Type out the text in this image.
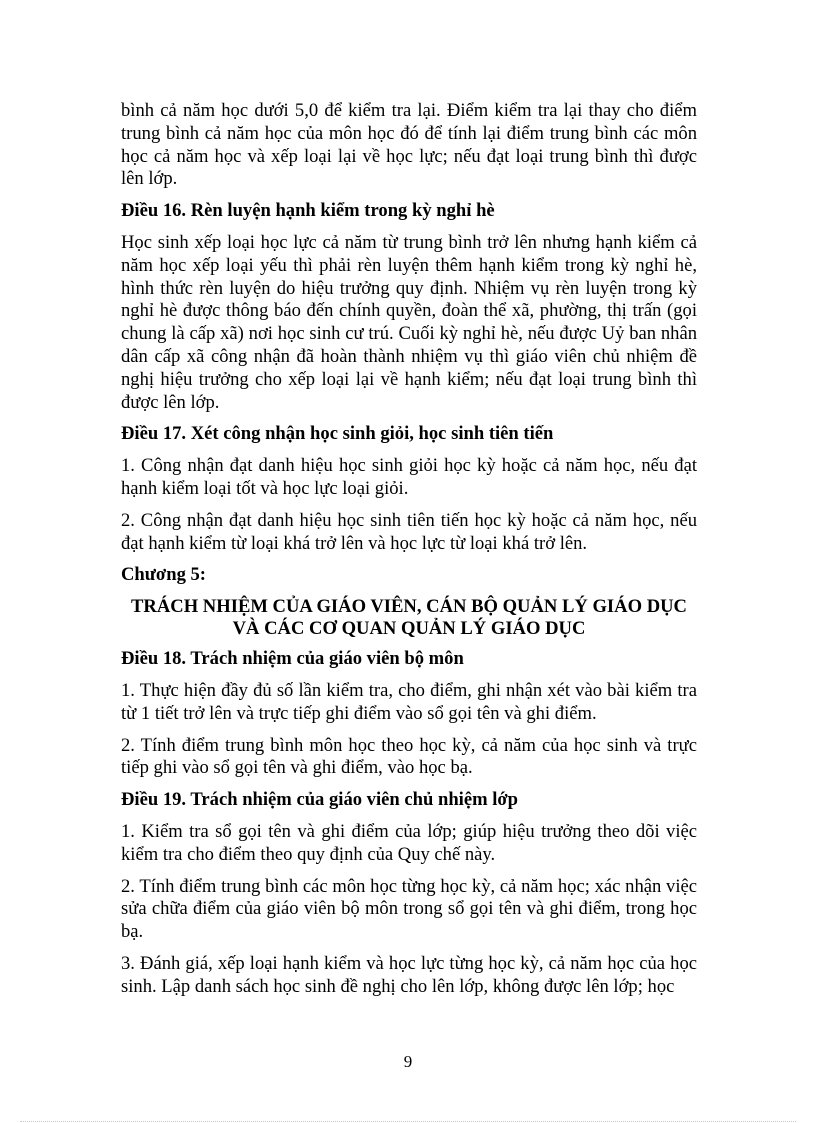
bình cả năm học dưới 5,0 để kiểm tra lại. Điểm kiểm tra lại thay cho điểm trung bình cả năm học của môn học đó để tính lại điểm trung bình các môn học cả năm học và xếp loại lại về học lực; nếu đạt loại trung bình thì được lên lớp.

Điều 16. Rèn luyện hạnh kiểm trong kỳ nghỉ hè

Học sinh xếp loại học lực cả năm từ trung bình trở lên nhưng hạnh kiểm cả năm học xếp loại yếu thì phải rèn luyện thêm hạnh kiểm trong kỳ nghỉ hè, hình thức rèn luyện do hiệu trưởng quy định. Nhiệm vụ rèn luyện trong kỳ nghỉ hè được thông báo đến chính quyền, đoàn thể xã, phường, thị trấn (gọi chung là cấp xã) nơi học sinh cư trú. Cuối kỳ nghỉ hè, nếu được Uỷ ban nhân dân cấp xã công nhận đã hoàn thành nhiệm vụ thì giáo viên chủ nhiệm đề nghị hiệu trưởng cho xếp loại lại về hạnh kiểm; nếu đạt loại trung bình thì được lên lớp.

Điều 17. Xét công nhận học sinh giỏi, học sinh tiên tiến

1. Công nhận đạt danh hiệu học sinh giỏi học kỳ hoặc cả năm học, nếu đạt hạnh kiểm loại tốt và học lực loại giỏi.

2. Công nhận đạt danh hiệu học sinh tiên tiến học kỳ hoặc cả năm học, nếu đạt hạnh kiểm từ loại khá trở lên và học lực từ loại khá trở lên.

Chương 5:

TRÁCH NHIỆM CỦA GIÁO VIÊN, CÁN BỘ QUẢN LÝ GIÁO DỤC VÀ CÁC CƠ QUAN QUẢN LÝ GIÁO DỤC

Điều 18. Trách nhiệm của giáo viên bộ môn

1. Thực hiện đầy đủ số lần kiểm tra, cho điểm, ghi nhận xét vào bài kiểm tra từ 1 tiết trở lên và trực tiếp ghi điểm vào sổ gọi tên và ghi điểm.

2. Tính điểm trung bình môn học theo học kỳ, cả năm của học sinh và trực tiếp ghi vào sổ gọi tên và ghi điểm, vào học bạ.

Điều 19. Trách nhiệm của giáo viên chủ nhiệm lớp

1. Kiểm tra sổ gọi tên và ghi điểm của lớp; giúp hiệu trưởng theo dõi việc kiểm tra cho điểm theo quy định của Quy chế này.

2. Tính điểm trung bình các môn học từng học kỳ, cả năm học; xác nhận việc sửa chữa điểm của giáo viên bộ môn trong sổ gọi tên và ghi điểm, trong học bạ.

3. Đánh giá, xếp loại hạnh kiểm và học lực từng học kỳ, cả năm học của học sinh. Lập danh sách học sinh đề nghị cho lên lớp, không được lên lớp; học

9
